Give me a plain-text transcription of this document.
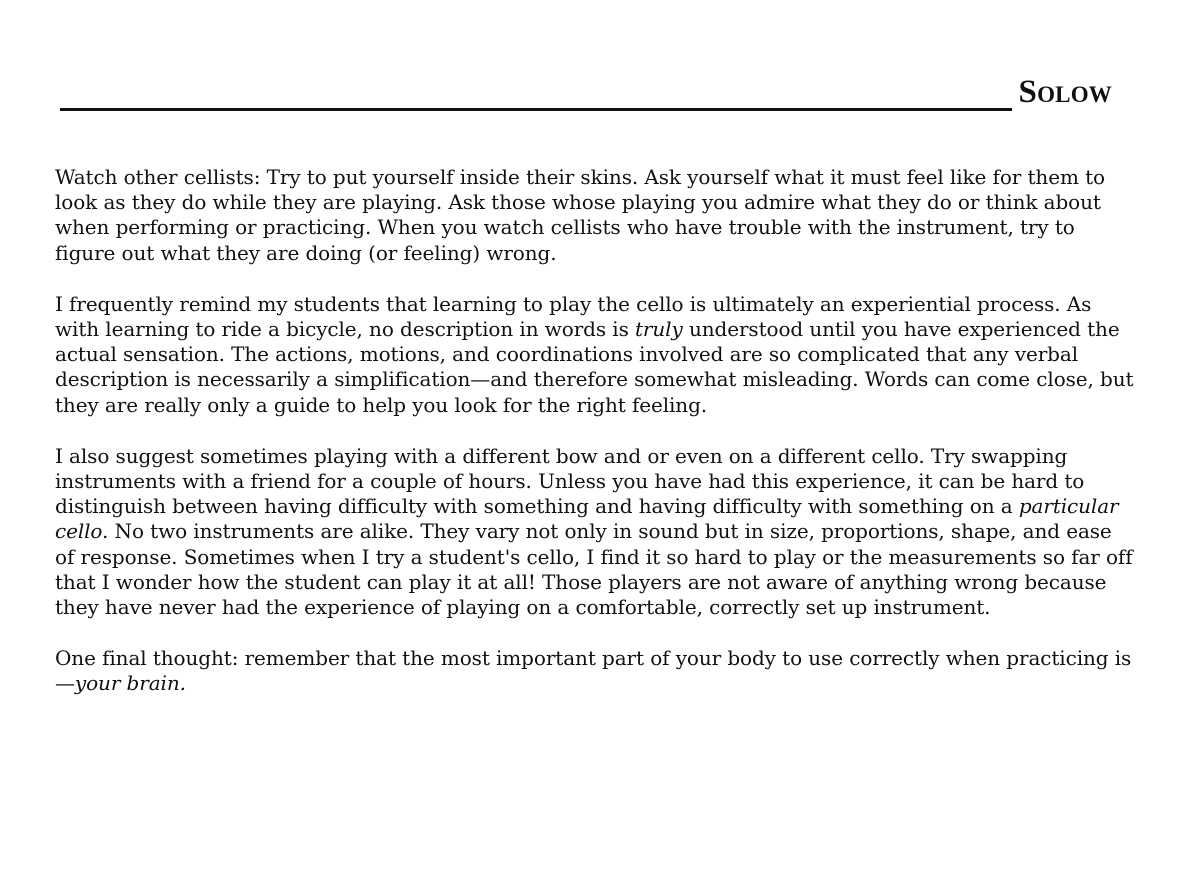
Solow

Watch other cellists: Try to put yourself inside their skins. Ask yourself what it must feel like for them to look as they do while they are playing. Ask those whose playing you admire what they do or think about when performing or practicing. When you watch cellists who have trouble with the instrument, try to figure out what they are doing (or feeling) wrong.

I frequently remind my students that learning to play the cello is ultimately an experiential process. As with learning to ride a bicycle, no description in words is truly understood until you have experienced the actual sensation. The actions, motions, and coordinations involved are so complicated that any verbal description is necessarily a simplification—and therefore somewhat misleading. Words can come close, but they are really only a guide to help you look for the right feeling.

I also suggest sometimes playing with a different bow and or even on a different cello. Try swapping instruments with a friend for a couple of hours. Unless you have had this experience, it can be hard to distinguish between having difficulty with something and having difficulty with something on a particular cello. No two instruments are alike. They vary not only in sound but in size, proportions, shape, and ease of response. Sometimes when I try a student's cello, I find it so hard to play or the measurements so far off that I wonder how the student can play it at all! Those players are not aware of anything wrong because they have never had the experience of playing on a comfortable, correctly set up instrument.

One final thought: remember that the most important part of your body to use correctly when practicing is—your brain.
